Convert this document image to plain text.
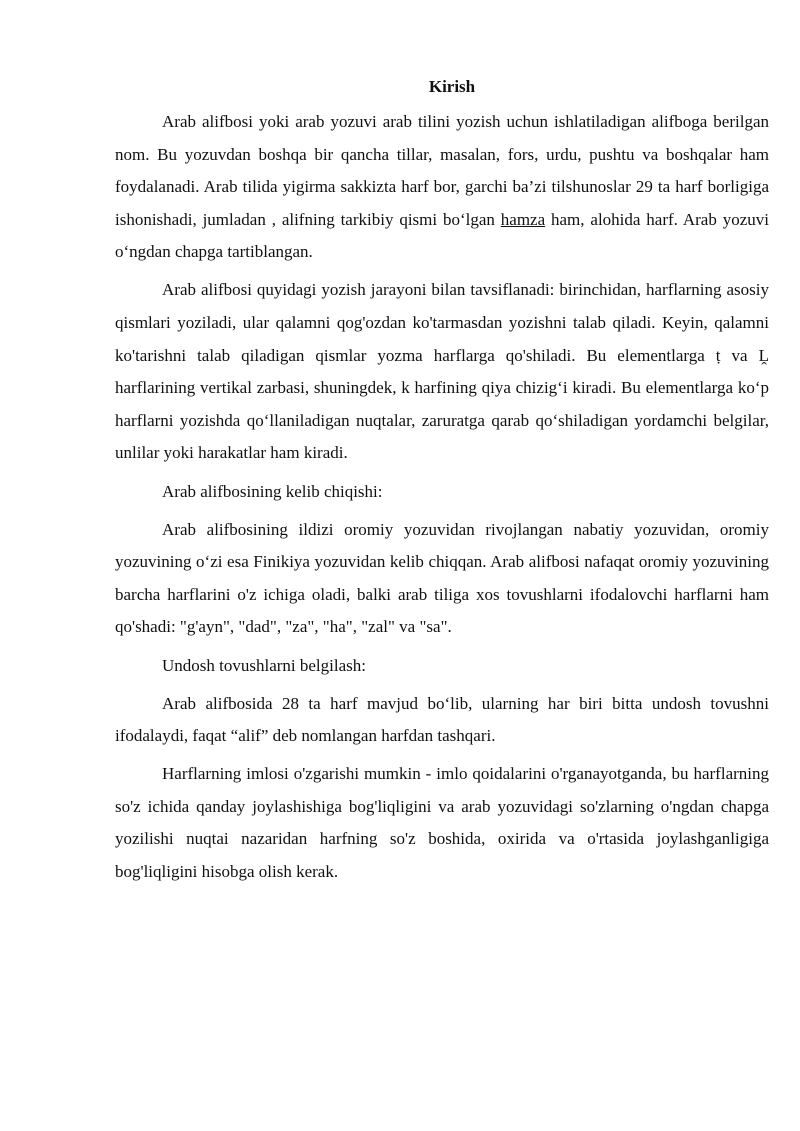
Kirish

Arab alifbosi yoki arab yozuvi arab tilini yozish uchun ishlatiladigan alifboga berilgan nom. Bu yozuvdan boshqa bir qancha tillar, masalan, fors, urdu, pushtu va boshqalar ham foydalanadi. Arab tilida yigirma sakkizta harf bor, garchi ba’zi tilshunoslar 29 ta harf borligiga ishonishadi, jumladan , alifning tarkibiy qismi bo‘lgan hamza ham, alohida harf. Arab yozuvi o‘ngdan chapga tartiblangan.

Arab alifbosi quyidagi yozish jarayoni bilan tavsiflanadi: birinchidan, harflarning asosiy qismlari yoziladi, ular qalamni qog'ozdan ko'tarmasdan yozishni talab qiladi. Keyin, qalamni ko'tarishni talab qiladigan qismlar yozma harflarga qo'shiladi. Bu elementlarga ṭ va Ḽ harflarining vertikal zarbasi, shuningdek, k harfining qiya chizig‘i kiradi. Bu elementlarga ko‘p harflarni yozishda qo‘llaniladigan nuqtalar, zaruratga qarab qo‘shiladigan yordamchi belgilar, unlilar yoki harakatlar ham kiradi.

Arab alifbosining kelib chiqishi:

Arab alifbosining ildizi oromiy yozuvidan rivojlangan nabatiy yozuvidan, oromiy yozuvining o‘zi esa Finikiya yozuvidan kelib chiqqan. Arab alifbosi nafaqat oromiy yozuvining barcha harflarini o'z ichiga oladi, balki arab tiliga xos tovushlarni ifodalovchi harflarni ham qo'shadi: "g'ayn", "dad", "za", "ha", "zal" va "sa".

Undosh tovushlarni belgilash:

Arab alifbosida 28 ta harf mavjud bo‘lib, ularning har biri bitta undosh tovushni ifodalaydi, faqat “alif” deb nomlangan harfdan tashqari.

Harflarning imlosi o'zgarishi mumkin - imlo qoidalarini o'rganayotganda, bu harflarning so'z ichida qanday joylashishiga bog'liqligini va arab yozuvidagi so'zlarning o'ngdan chapga yozilishi nuqtai nazaridan harfning so'z boshida, oxirida va o'rtasida joylashganligiga bog'liqligini hisobga olish kerak.
